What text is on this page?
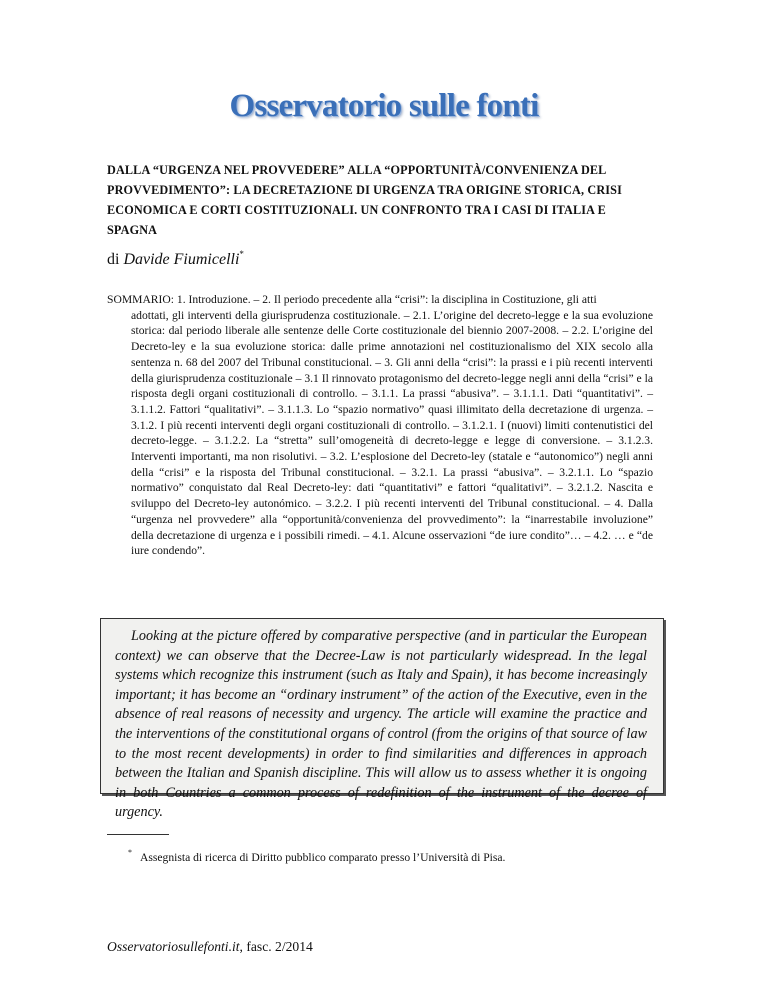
Osservatorio sulle fonti
DALLA “URGENZA NEL PROVVEDERE” ALLA “OPPORTUNITÀ/CONVENIENZA DEL PROVVEDIMENTO”: LA DECRETAZIONE DI URGENZA TRA ORIGINE STORICA, CRISI ECONOMICA E CORTI COSTITUZIONALI. UN CONFRONTO TRA I CASI DI ITALIA E SPAGNA
di Davide Fiumicelli*

SOMMARIO: 1. Introduzione. – 2. Il periodo precedente alla “crisi”: la disciplina in Costituzione, gli atti

adottati, gli interventi della giurisprudenza costituzionale. – 2.1. L’origine del decreto-legge e la sua evoluzione storica: dal periodo liberale alle sentenze delle Corte costituzionale del biennio 2007-2008. – 2.2. L’origine del Decreto-ley e la sua evoluzione storica: dalle prime annotazioni nel costituzionalismo del XIX secolo alla sentenza n. 68 del 2007 del Tribunal constitucional. – 3. Gli anni della “crisi”: la prassi e i più recenti interventi della giurisprudenza costituzionale – 3.1 Il rinnovato protagonismo del decreto-legge negli anni della “crisi” e la risposta degli organi costituzionali di controllo. – 3.1.1. La prassi “abusiva”. – 3.1.1.1. Dati “quantitativi”. – 3.1.1.2. Fattori “qualitativi”. – 3.1.1.3. Lo “spazio normativo” quasi illimitato della decretazione di urgenza. – 3.1.2. I più recenti interventi degli organi costituzionali di controllo. – 3.1.2.1. I (nuovi) limiti contenutistici del decreto-legge. – 3.1.2.2. La “stretta” sull’omogeneità di decreto-legge e legge di conversione. – 3.1.2.3. Interventi importanti, ma non risolutivi. – 3.2. L’esplosione del Decreto-ley (statale e “autonomico”) negli anni della “crisi” e la risposta del Tribunal constitucional. – 3.2.1. La prassi “abusiva”. – 3.2.1.1. Lo “spazio normativo” conquistato dal Real Decreto-ley: dati “quantitativi” e fattori “qualitativi”. – 3.2.1.2. Nascita e sviluppo del Decreto-ley autonómico. – 3.2.2. I più recenti interventi del Tribunal constitucional. – 4. Dalla “urgenza nel provvedere” alla “opportunità/convenienza del provvedimento”: la “inarrestabile involuzione” della decretazione di urgenza e i possibili rimedi. – 4.1. Alcune osservazioni “de iure condito”… – 4.2. … e “de iure condendo”.

Looking at the picture offered by comparative perspective (and in particular the European context) we can observe that the Decree-Law is not particularly widespread. In the legal systems which recognize this instrument (such as Italy and Spain), it has become increasingly important; it has become an “ordinary instrument” of the action of the Executive, even in the absence of real reasons of necessity and urgency. The article will examine the practice and the interventions of the constitutional organs of control (from the origins of that source of law to the most recent developments) in order to find similarities and differences in approach between the Italian and Spanish discipline. This will allow us to assess whether it is ongoing in both Countries a common process of redefinition of the instrument of the decree of urgency.

* Assegnista di ricerca di Diritto pubblico comparato presso l’Università di Pisa.
Osservatoriosullefonti.it, fasc. 2/2014
